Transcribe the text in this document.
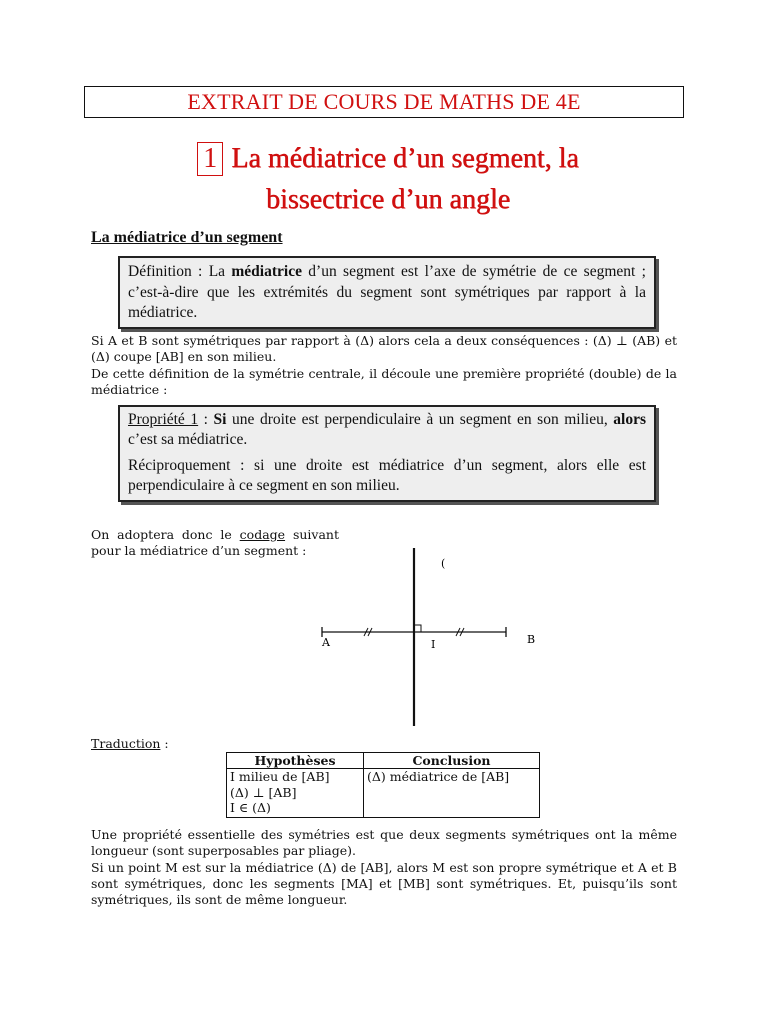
EXTRAIT DE COURS DE MATHS DE 4E
1 La médiatrice d’un segment, la
bissectrice d’un angle
La médiatrice d’un segment
Définition : La médiatrice d’un segment est l’axe de symétrie de ce segment ; c’est-à-dire que les extrémités du segment sont symétriques par rapport à la médiatrice.
Si A et B sont symétriques par rapport à (Δ) alors cela a deux conséquences : (Δ) ⊥ (AB) et (Δ) coupe [AB] en son milieu.
De cette définition de la symétrie centrale, il découle une première propriété (double) de la médiatrice :

Propriété 1 : Si une droite est perpendiculaire à un segment en son milieu, alors c’est sa médiatrice.

Réciproquement : si une droite est médiatrice d’un segment, alors elle est perpendiculaire à ce segment en son milieu.

On adoptera donc le codage suivant pour la médiatrice d’un segment :
(
A	I	B
Traduction :
Hypothèses	Conclusion

I milieu de [AB]
(Δ) ⊥ [AB]
I ∈ (Δ)	(Δ) médiatrice de [AB]
Une propriété essentielle des symétries est que deux segments symétriques ont la même longueur (sont superposables par pliage).
Si un point M est sur la médiatrice (Δ) de [AB], alors M est son propre symétrique et A et B sont symétriques, donc les segments [MA] et [MB] sont symétriques. Et, puisqu’ils sont symétriques, ils sont de même longueur.
